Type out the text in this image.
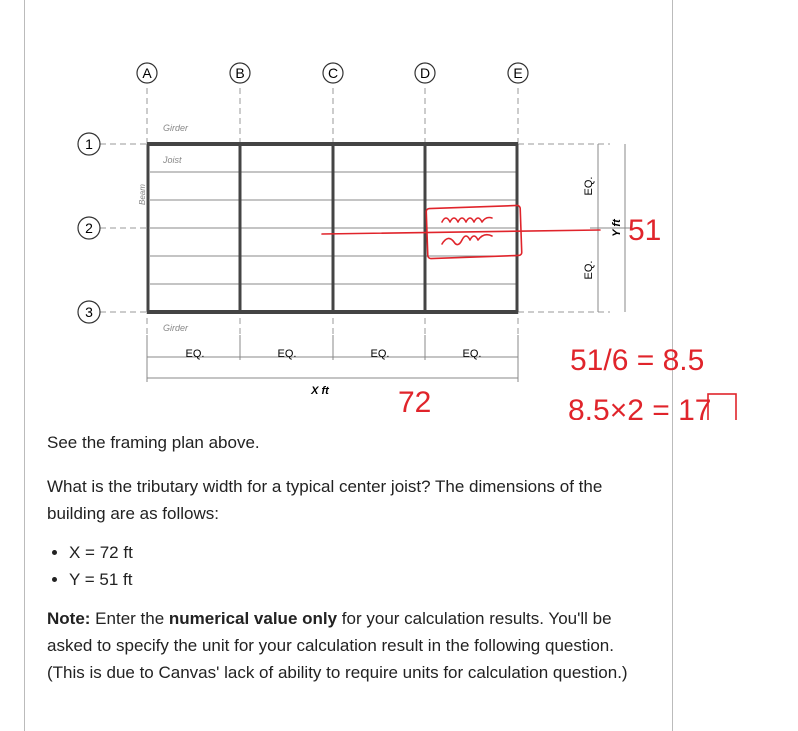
A	B	C	D	E
1
2
3
Girder
Joist
Beam
Girder
EQ.	EQ.	EQ.	EQ.
X ft
EQ.
EQ.
Y ft 51
72
51/6 = 8.5
8.5×2 = 17

See the framing plan above.

What is the tributary width for a typical center joist? The dimensions of the building are as follows:

• X = 72 ft
• Y = 51 ft

Note: Enter the numerical value only for your calculation results. You'll be asked to specify the unit for your calculation result in the following question. (This is due to Canvas' lack of ability to require units for calculation question.)
